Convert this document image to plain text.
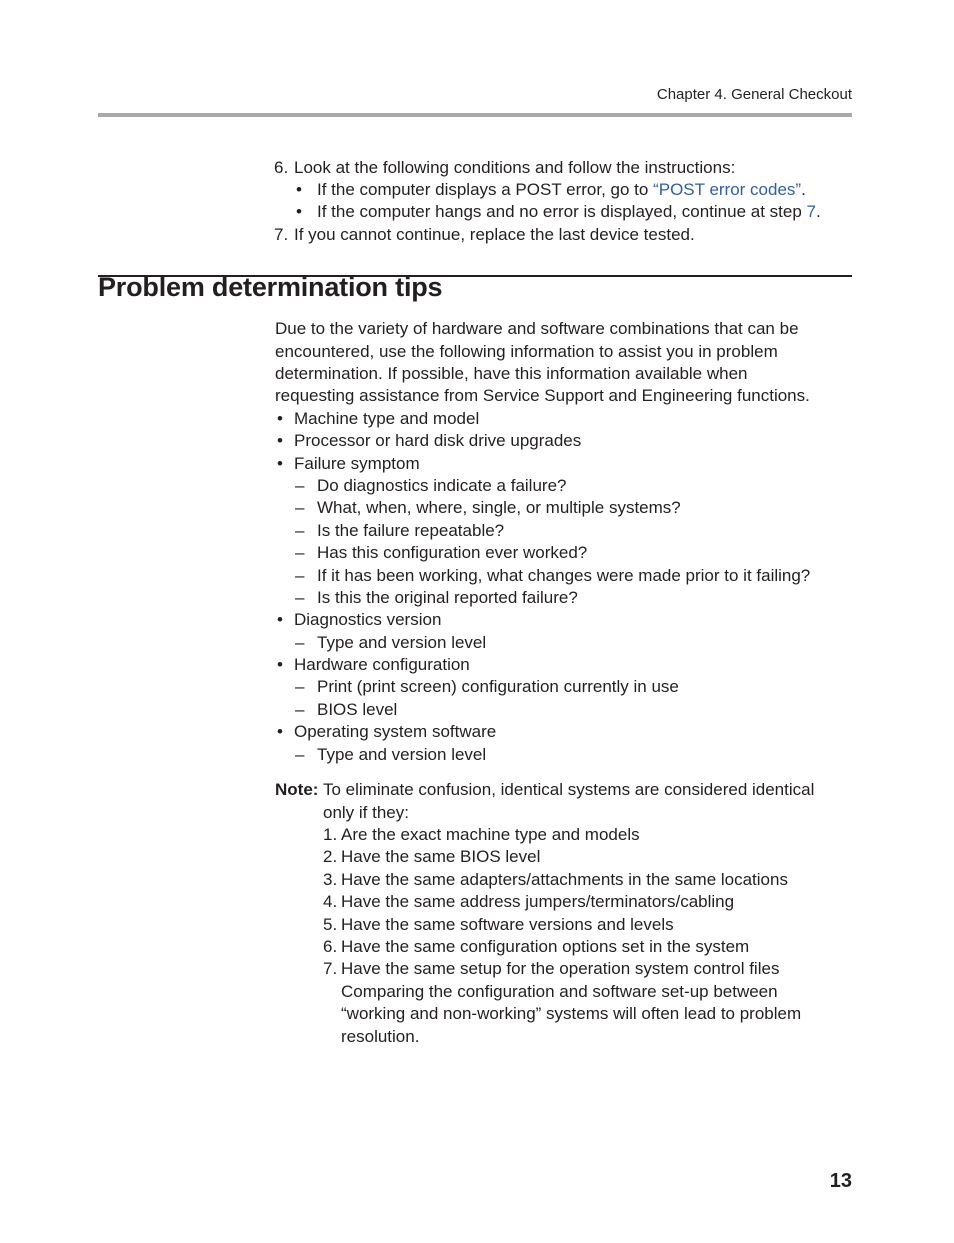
Chapter 4. General Checkout
6. Look at the following conditions and follow the instructions:
• If the computer displays a POST error, go to “POST error codes”.
• If the computer hangs and no error is displayed, continue at step 7.
7. If you cannot continue, replace the last device tested.
Problem determination tips
Due to the variety of hardware and software combinations that can be
encountered, use the following information to assist you in problem
determination. If possible, have this information available when
requesting assistance from Service Support and Engineering functions.
• Machine type and model
• Processor or hard disk drive upgrades
• Failure symptom
– Do diagnostics indicate a failure?
– What, when, where, single, or multiple systems?
– Is the failure repeatable?
– Has this configuration ever worked?
– If it has been working, what changes were made prior to it failing?
– Is this the original reported failure?
• Diagnostics version
– Type and version level
• Hardware configuration
– Print (print screen) configuration currently in use
– BIOS level
• Operating system software
– Type and version level
Note: To eliminate confusion, identical systems are considered identical
only if they:
1. Are the exact machine type and models
2. Have the same BIOS level
3. Have the same adapters/attachments in the same locations
4. Have the same address jumpers/terminators/cabling
5. Have the same software versions and levels
6. Have the same configuration options set in the system
7. Have the same setup for the operation system control files
Comparing the configuration and software set-up between
“working and non-working” systems will often lead to problem
resolution.
13
